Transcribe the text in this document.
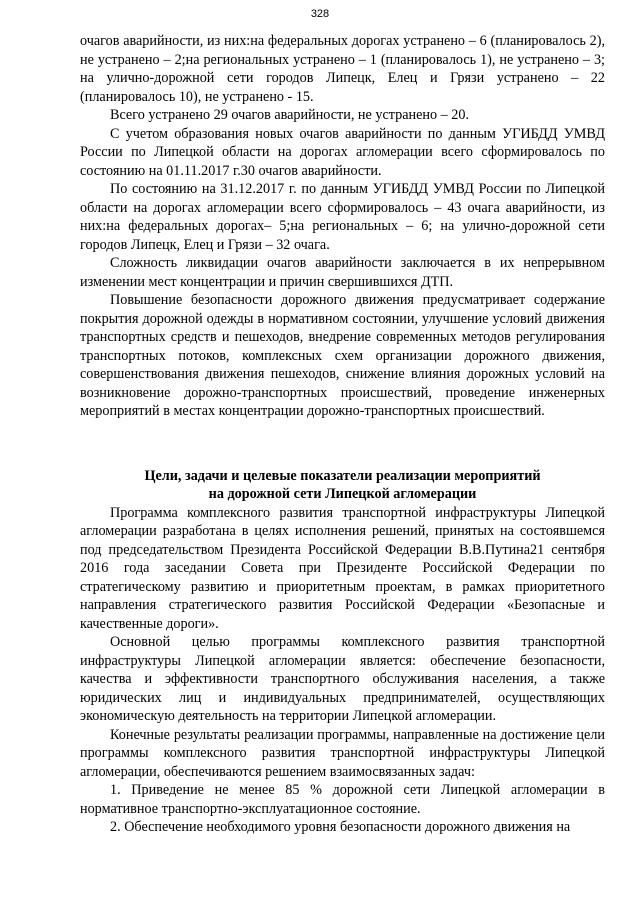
328

очагов аварийности, из них:на федеральных дорогах устранено – 6 (планировалось 2), не устранено – 2;на региональных устранено – 1 (планировалось 1), не устранено – 3; на улично-дорожной сети городов Липецк, Елец и Грязи устранено – 22 (планировалось 10), не устранено - 15.

Всего устранено 29 очагов аварийности, не устранено – 20.

С учетом образования новых очагов аварийности по данным УГИБДД УМВД России по Липецкой области на дорогах агломерации всего сформировалось по состоянию на 01.11.2017 г.30 очагов аварийности.

По состоянию на 31.12.2017 г. по данным УГИБДД УМВД России по Липецкой области на дорогах агломерации всего сформировалось – 43 очага аварийности, из них:на федеральных дорогах– 5;на региональных – 6; на улично-дорожной сети городов Липецк, Елец и Грязи – 32 очага.

Сложность ликвидации очагов аварийности заключается в их непрерывном изменении мест концентрации и причин свершившихся ДТП.

Повышение безопасности дорожного движения предусматривает содержание покрытия дорожной одежды в нормативном состоянии, улучшение условий движения транспортных средств и пешеходов, внедрение современных методов регулирования транспортных потоков, комплексных схем организации дорожного движения, совершенствования движения пешеходов, снижение влияния дорожных условий на возникновение дорожно-транспортных происшествий, проведение инженерных мероприятий в местах концентрации дорожно-транспортных происшествий.

Цели, задачи и целевые показатели реализации мероприятий
на дорожной сети Липецкой агломерации

Программа комплексного развития транспортной инфраструктуры Липецкой агломерации разработана в целях исполнения решений, принятых на состоявшемся под председательством Президента Российской Федерации В.В.Путина21 сентября 2016 года заседании Совета при Президенте Российской Федерации по стратегическому развитию и приоритетным проектам, в рамках приоритетного направления стратегического развития Российской Федерации «Безопасные и качественные дороги».

Основной целью программы комплексного развития транспортной инфраструктуры Липецкой агломерации является: обеспечение безопасности, качества и эффективности транспортного обслуживания населения, а также юридических лиц и индивидуальных предпринимателей, осуществляющих экономическую деятельность на территории Липецкой агломерации.

Конечные результаты реализации программы, направленные на достижение цели программы комплексного развития транспортной инфраструктуры Липецкой агломерации, обеспечиваются решением взаимосвязанных задач:

1. Приведение не менее 85 % дорожной сети Липецкой агломерации в нормативное транспортно-эксплуатационное состояние.

2. Обеспечение необходимого уровня безопасности дорожного движения на
